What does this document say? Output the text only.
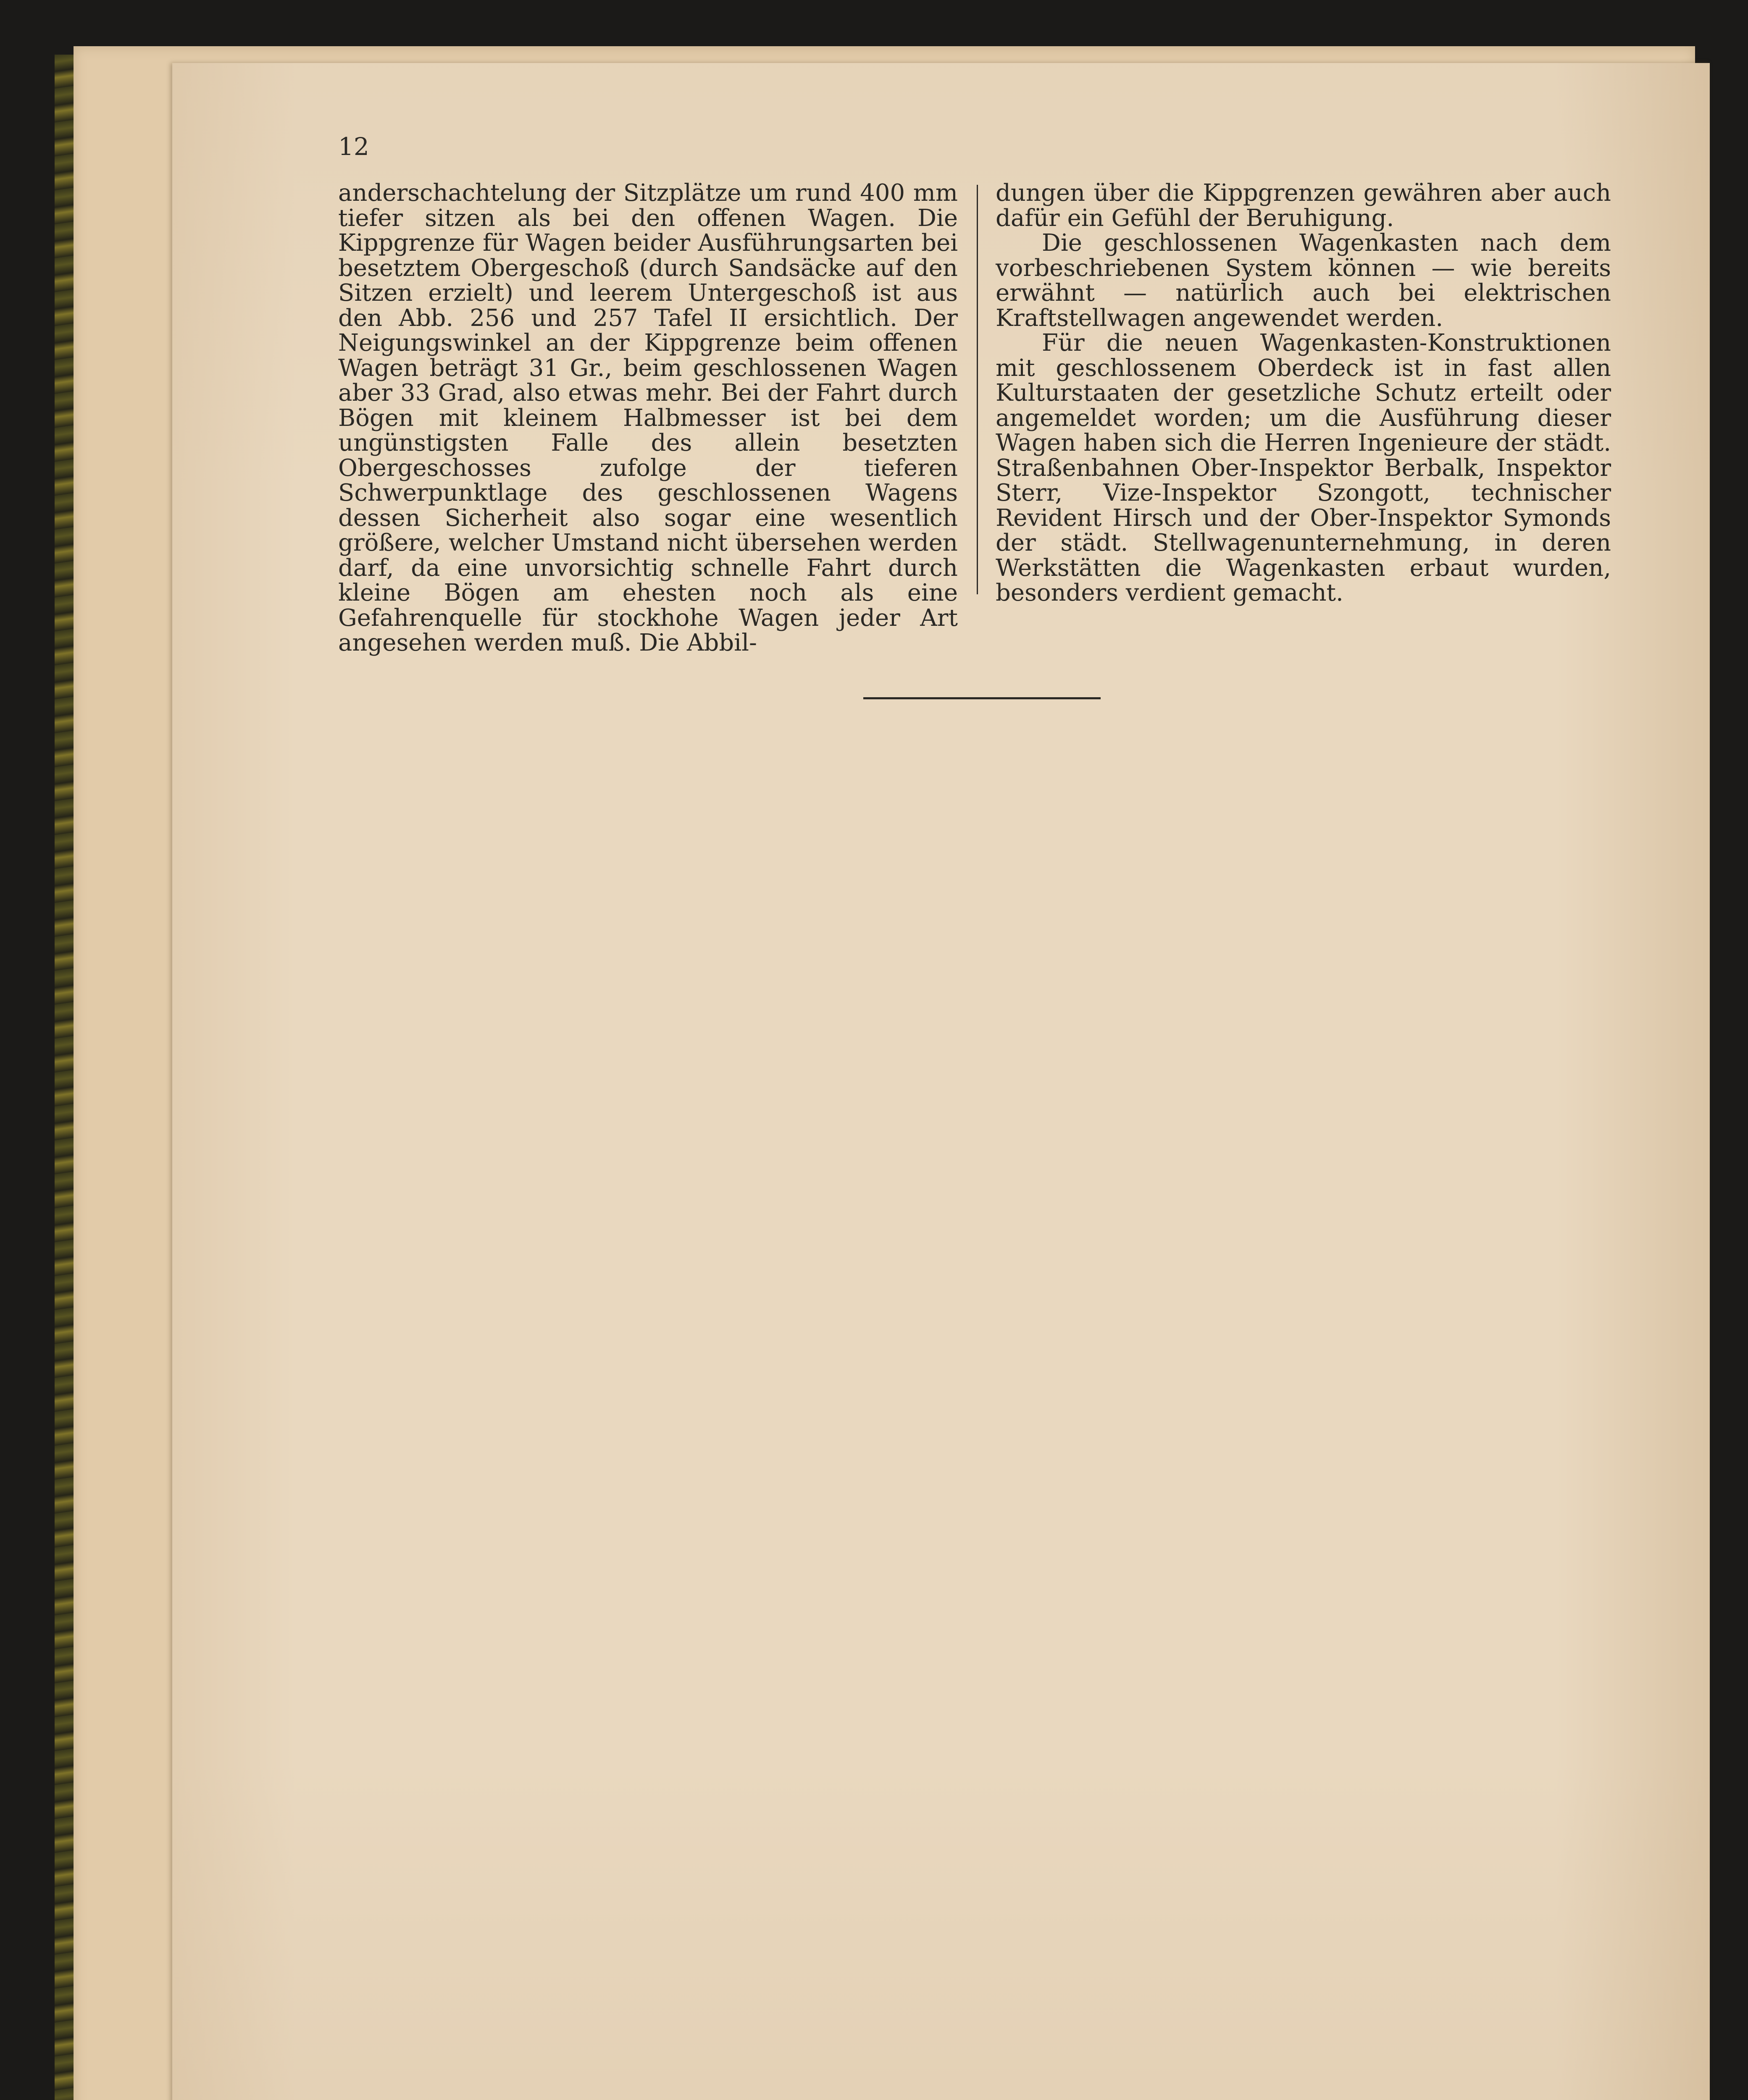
12

anderschachtelung der Sitzplätze um rund 400 mm tiefer sitzen als bei den offenen Wagen. Die Kippgrenze für Wagen beider Ausführungsarten bei besetztem Obergeschoß (durch Sandsäcke auf den Sitzen erzielt) und leerem Untergeschoß ist aus den Abb. 256 und 257 Tafel II ersichtlich. Der Neigungswinkel an der Kippgrenze beim offenen Wagen beträgt 31 Gr., beim geschlossenen Wagen aber 33 Grad, also etwas mehr. Bei der Fahrt durch Bögen mit kleinem Halbmesser ist bei dem ungünstigsten Falle des allein besetzten Obergeschosses zufolge der tieferen Schwerpunktlage des geschlossenen Wagens dessen Sicherheit also sogar eine wesentlich größere, welcher Umstand nicht übersehen werden darf, da eine unvorsichtig schnelle Fahrt durch kleine Bögen am ehesten noch als eine Gefahrenquelle für stockhohe Wagen jeder Art angesehen werden muß. Die Abbil-

dungen über die Kippgrenzen gewähren aber auch dafür ein Gefühl der Beruhigung.

Die geschlossenen Wagenkasten nach dem vorbeschriebenen System können — wie bereits erwähnt — natürlich auch bei elektrischen Kraftstellwagen angewendet werden.

Für die neuen Wagenkasten-Konstruktionen mit geschlossenem Oberdeck ist in fast allen Kulturstaaten der gesetzliche Schutz erteilt oder angemeldet worden; um die Ausführung dieser Wagen haben sich die Herren Ingenieure der städt. Straßenbahnen Ober-Inspektor Berbalk, Inspektor Sterr, Vize-Inspektor Szongott, technischer Revident Hirsch und der Ober-Inspektor Symonds der städt. Stellwagenunternehmung, in deren Werkstätten die Wagenkasten erbaut wurden, besonders verdient gemacht.
